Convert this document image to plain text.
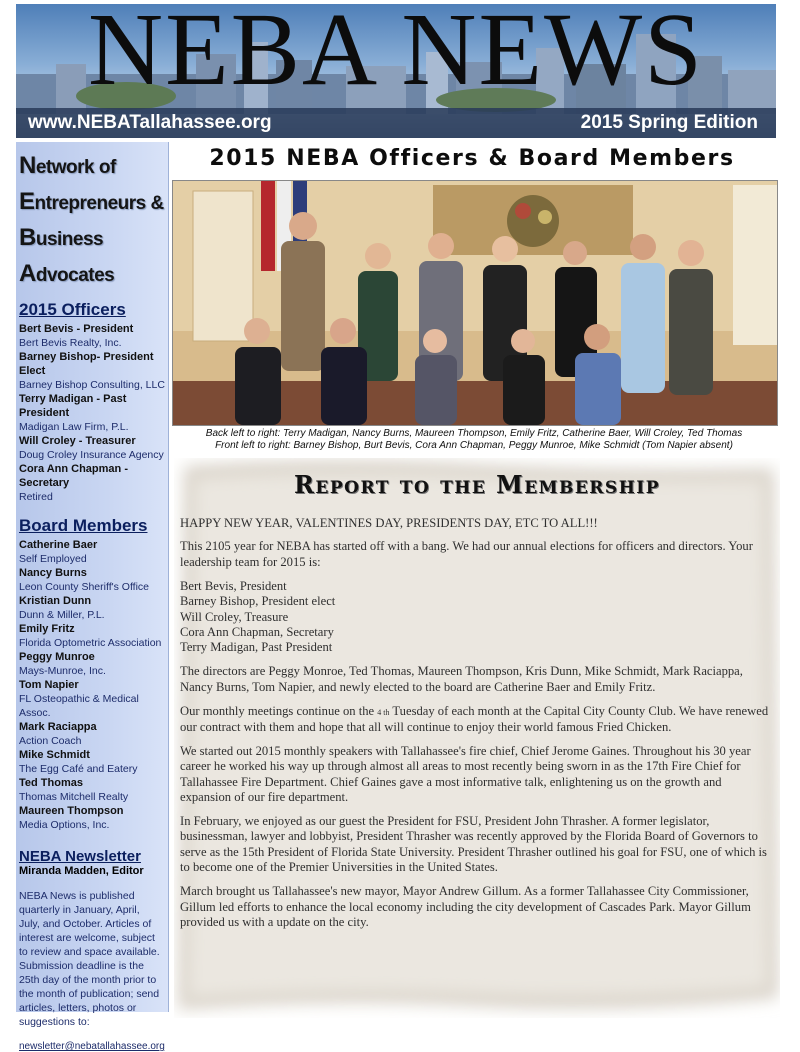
NEBA NEWS
www.NEBATallahassee.org	2015 Spring Edition
Network of
Entrepreneurs &
Business
Advocates
2015 Officers
Bert Bevis - President
Bert Bevis Realty, Inc.
Barney Bishop- President Elect
Barney Bishop Consulting, LLC
Terry Madigan - Past President
Madigan Law Firm, P.L.
Will Croley - Treasurer
Doug Croley Insurance Agency
Cora Ann Chapman - Secretary
Retired
Board Members
Catherine Baer
Self Employed
Nancy Burns
Leon County Sheriff's Office
Kristian Dunn
Dunn & Miller, P.L.
Emily Fritz
Florida Optometric Association
Peggy Munroe
Mays-Munroe, Inc.
Tom Napier
FL Osteopathic & Medical Assoc.
Mark Raciappa
Action Coach
Mike Schmidt
The Egg Café and Eatery
Ted Thomas
Thomas Mitchell Realty
Maureen Thompson
Media Options, Inc.
NEBA Newsletter
Miranda Madden, Editor
NEBA News is published quarterly in January, April, July, and October. Articles of interest are welcome, subject to review and space available. Submission deadline is the 25th day of the month prior to the month of publication; send articles, letters, photos or suggestions to:
newsletter@nebatallahassee.org
2015 NEBA Officers & Board Members
Back left to right: Terry Madigan, Nancy Burns, Maureen Thompson, Emily Fritz, Catherine Baer, Will Croley, Ted Thomas
Front left to right: Barney Bishop, Burt Bevis, Cora Ann Chapman, Peggy Munroe, Mike Schmidt (Tom Napier absent)
Report to the Membership

HAPPY NEW YEAR, VALENTINES DAY, PRESIDENTS DAY, ETC TO ALL!!!

This 2105 year for NEBA has started off with a bang. We had our annual elections for officers and directors. Your leadership team for 2015 is:

Bert Bevis, President
Barney Bishop, President elect
Will Croley, Treasure
Cora Ann Chapman, Secretary
Terry Madigan, Past President

The directors are Peggy Monroe, Ted Thomas, Maureen Thompson, Kris Dunn, Mike Schmidt, Mark Raciappa, Nancy Burns, Tom Napier, and newly elected to the board are Catherine Baer and Emily Fritz.

Our monthly meetings continue on the 4 th Tuesday of each month at the Capital City County Club. We have renewed our contract with them and hope that all will continue to enjoy their world famous Fried Chicken.

We started out 2015 monthly speakers with Tallahassee's fire chief, Chief Jerome Gaines. Throughout his 30 year career he worked his way up through almost all areas to most recently being sworn in as the 17th Fire Chief for Tallahassee Fire Department. Chief Gaines gave a most informative talk, enlightening us on the growth and expansion of our fire department.

In February, we enjoyed as our guest the President for FSU, President John Thrasher. A former legislator, businessman, lawyer and lobbyist, President Thrasher was recently approved by the Florida Board of Governors to serve as the 15th President of Florida State University. President Thrasher outlined his goal for FSU, one of which is to become one of the Premier Universities in the United States.

March brought us Tallahassee's new mayor, Mayor Andrew Gillum. As a former Tallahassee City Commissioner, Gillum led efforts to enhance the local economy including the city development of Cascades Park. Mayor Gillum provided us with a update on the city.
